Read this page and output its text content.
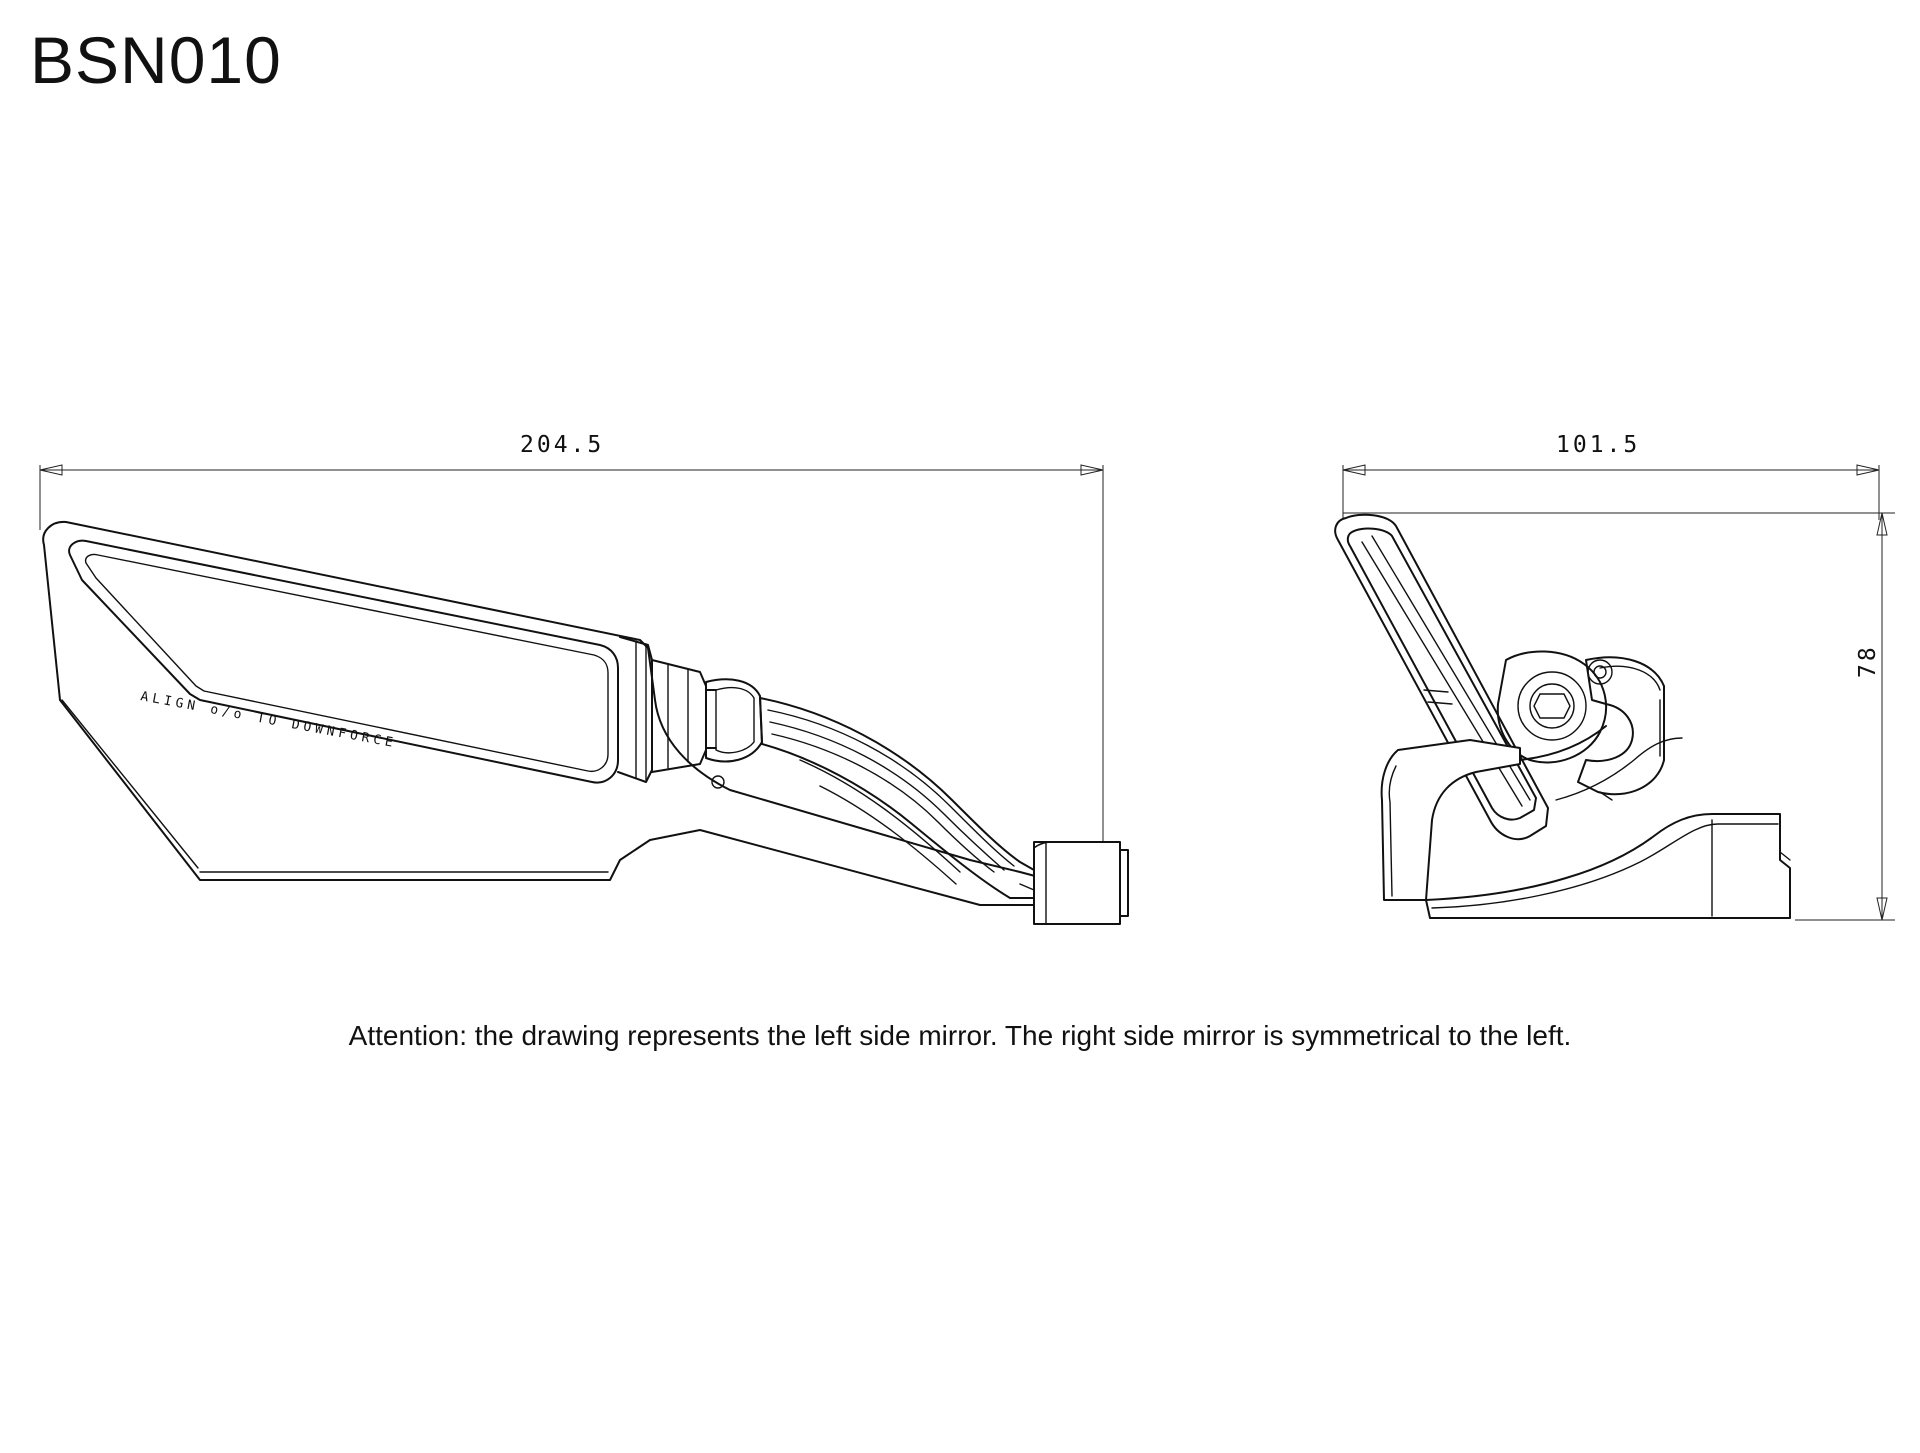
BSN010
ALIGN o/o TO DOWNFORCE
204.5	101.5
78
Attention: the drawing represents the left side mirror. The right side mirror is symmetrical to the left.
